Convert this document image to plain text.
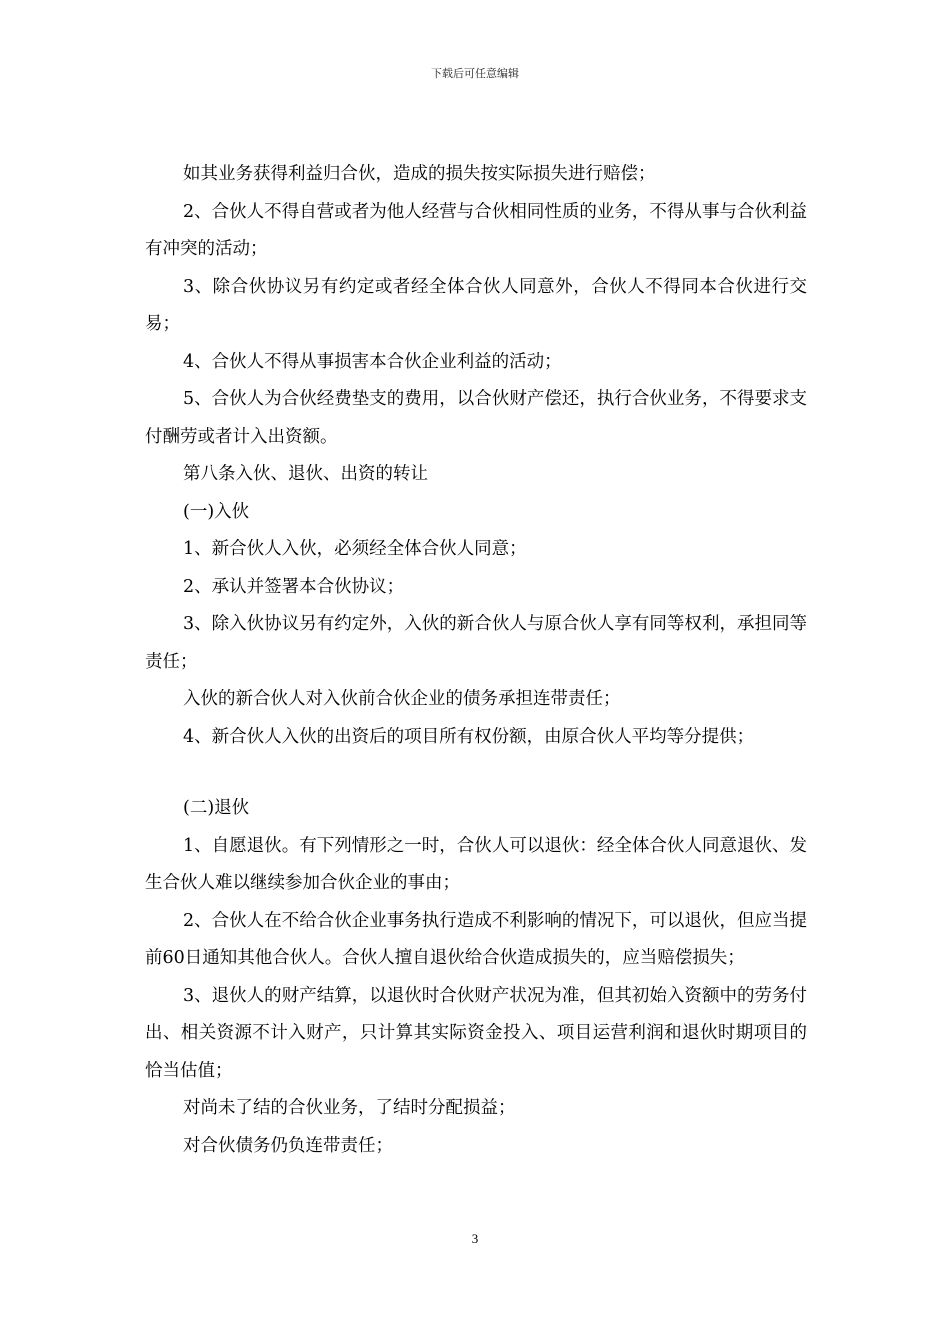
下载后可任意编辑

如其业务获得利益归合伙，造成的损失按实际损失进行赔偿；

2、合伙人不得自营或者为他人经营与合伙相同性质的业务，不得从事与合伙利益有冲突的活动；

3、除合伙协议另有约定或者经全体合伙人同意外，合伙人不得同本合伙进行交易；

4、合伙人不得从事损害本合伙企业利益的活动；

5、合伙人为合伙经费垫支的费用，以合伙财产偿还，执行合伙业务，不得要求支付酬劳或者计入出资额。

第八条入伙、退伙、出资的转让

(一)入伙

1、新合伙人入伙，必须经全体合伙人同意；

2、承认并签署本合伙协议；

3、除入伙协议另有约定外，入伙的新合伙人与原合伙人享有同等权利，承担同等责任；

入伙的新合伙人对入伙前合伙企业的债务承担连带责任；

4、新合伙人入伙的出资后的项目所有权份额，由原合伙人平均等分提供；

(二)退伙

1、自愿退伙。有下列情形之一时，合伙人可以退伙：经全体合伙人同意退伙、发生合伙人难以继续参加合伙企业的事由；

2、合伙人在不给合伙企业事务执行造成不利影响的情况下，可以退伙，但应当提前60日通知其他合伙人。合伙人擅自退伙给合伙造成损失的，应当赔偿损失；

3、退伙人的财产结算，以退伙时合伙财产状况为准，但其初始入资额中的劳务付出、相关资源不计入财产，只计算其实际资金投入、项目运营利润和退伙时期项目的恰当估值；

对尚未了结的合伙业务，了结时分配损益；

对合伙债务仍负连带责任；

3
